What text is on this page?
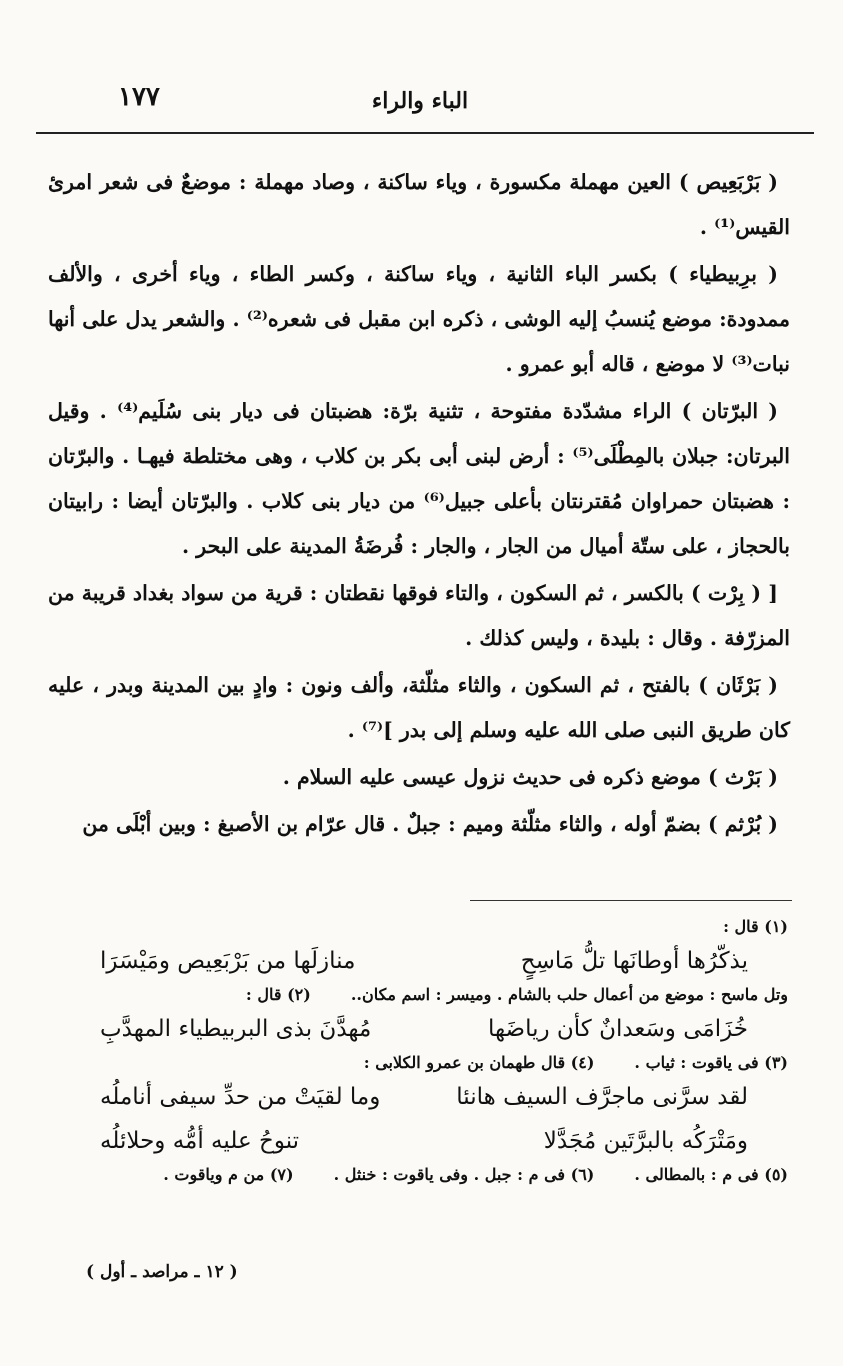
الباء والراء
١٧٧

( بَرْبَعِيص ) العين مهملة مكسورة ، وياء ساكنة ، وصاد مهملة : موضعٌ فى شعر امرئ القيس⁽¹⁾ .

( برِبيطياء ) بكسر الباء الثانية ، وياء ساكنة ، وكسر الطاء ، وياء أخرى ، والألف ممدودة: موضع يُنسبُ إليه الوشى ، ذكره ابن مقبل فى شعره⁽²⁾ . والشعر يدل على أنها نبات⁽³⁾ لا موضع ، قاله أبو عمرو .

( البرّتان ) الراء مشدّدة مفتوحة ، تثنية برّة: هضبتان فى ديار بنى سُلَيم⁽⁴⁾ . وقيل البرتان: جبلان بالمِطْلَى⁽⁵⁾ : أرض لبنى أبى بكر بن كلاب ، وهى مختلطة فيهـا . والبرّتان : هضبتان حمراوان مُقترنتان بأعلى جبيل⁽⁶⁾ من ديار بنى كلاب . والبرّتان أيضا : رابيتان بالحجاز ، على ستّة أميال من الجار ، والجار : فُرضَةُ المدينة على البحر .

[ ( بِرْت ) بالكسر ، ثم السكون ، والتاء فوقها نقطتان : قرية من سواد بغداد قريبة من المزرّفة . وقال : بليدة ، وليس كذلك .

( بَرْثَان ) بالفتح ، ثم السكون ، والثاء مثلّثة، وألف ونون : وادٍ بين المدينة وبدر ، عليه كان طريق النبى صلى الله عليه وسلم إلى بدر ]⁽⁷⁾ .

( بَرْث ) موضع ذكره فى حديث نزول عيسى عليه السلام .

( بُرْثم ) بضمّ أوله ، والثاء مثلّثة وميم : جبلٌ . قال عرّام بن الأصبغ : وبين أبْلَى من

(١) قال :

يذكّرُها أوطانَها تلُّ مَاسِحٍ
منازلَها من بَرْبَعِيص ومَيْسَرَا
وتل ماسح : موضع من أعمال حلب بالشام . وميسر : اسم مكان..
(٢) قال :
خُزَامَى وسَعدانٌ كأن رياضَها
مُهدَّنَ بذى البربيطياء المهدَّبِ
(٣) فى ياقوت : ثياب .
(٤) قال طهمان بن عمرو الكلابى :
لقد سرَّنى ماجرَّف السيف هانئا
وما لقيَتْ من حدِّ سيفى أناملُه
ومَتْرَكُه بالبرَّتَين مُجَدَّلا
تنوحُ عليه أمُّه وحلائلُه
(٥) فى م : بالمطالى .
(٦) فى م : جبل . وفى ياقوت : خنثل .
(٧) من م وياقوت .
( ١٢ ـ مراصد ـ أول )
